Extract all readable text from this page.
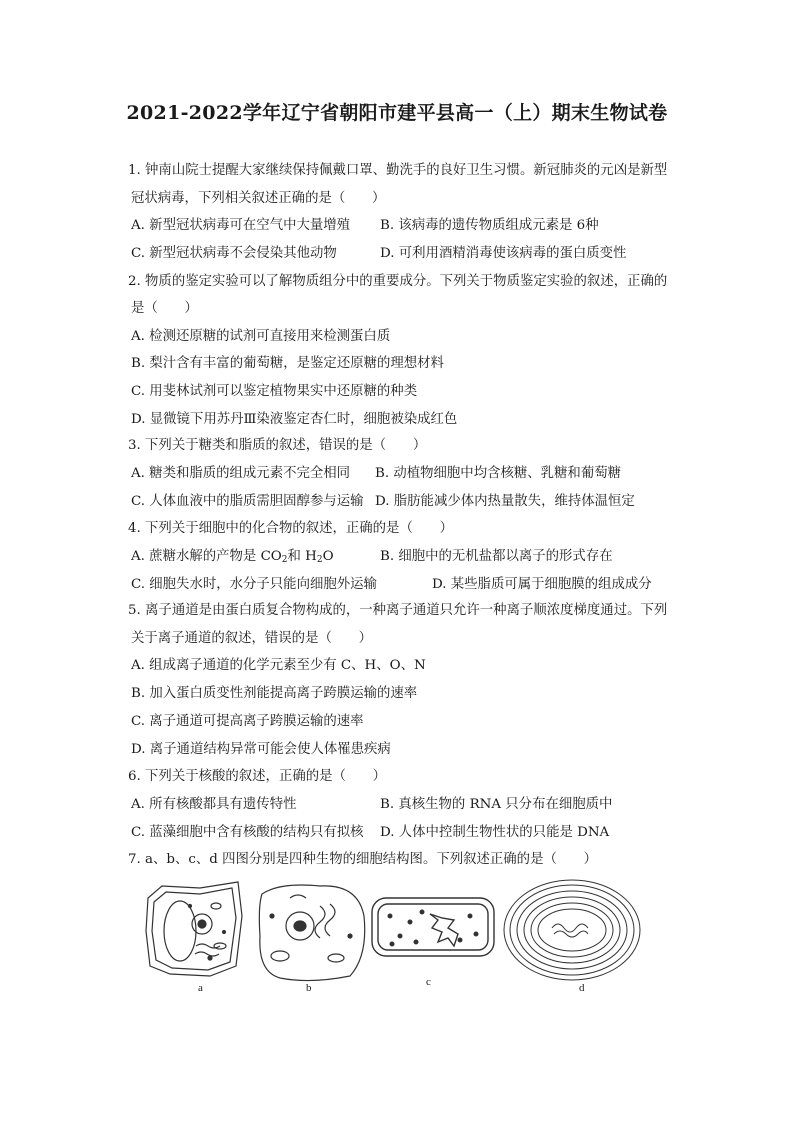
2021-2022学年辽宁省朝阳市建平县高一（上）期末生物试卷
1. 钟南山院士提醒大家继续保持佩戴口罩、勤洗手的良好卫生习惯。新冠肺炎的元凶是新型
冠状病毒，下列相关叙述正确的是（　　）
A. 新型冠状病毒可在空气中大量增殖 B. 该病毒的遗传物质组成元素是 6种
C. 新型冠状病毒不会侵染其他动物	D. 可利用酒精消毒使该病毒的蛋白质变性
2. 物质的鉴定实验可以了解物质组分中的重要成分。下列关于物质鉴定实验的叙述，正确的
是（　　）
A. 检测还原糖的试剂可直接用来检测蛋白质
B. 梨汁含有丰富的葡萄糖，是鉴定还原糖的理想材料
C. 用斐林试剂可以鉴定植物果实中还原糖的种类
D. 显微镜下用苏丹Ⅲ染液鉴定杏仁时，细胞被染成红色
3. 下列关于糖类和脂质的叙述，错误的是（　　）
A. 糖类和脂质的组成元素不完全相同 B. 动植物细胞中均含核糖、乳糖和葡萄糖
C. 人体血液中的脂质需胆固醇参与运输 D. 脂肪能减少体内热量散失，维持体温恒定
4. 下列关于细胞中的化合物的叙述，正确的是（　　）
A. 蔗糖水解的产物是 $CO_2$和 $H_2O$	B. 细胞中的无机盐都以离子的形式存在
C. 细胞失水时，水分子只能向细胞外运输	D. 某些脂质可属于细胞膜的组成成分
5. 离子通道是由蛋白质复合物构成的，一种离子通道只允许一种离子顺浓度梯度通过。下列
关于离子通道的叙述，错误的是（　　）
A. 组成离子通道的化学元素至少有 C、H、O、N
B. 加入蛋白质变性剂能提高离子跨膜运输的速率
C. 离子通道可提高离子跨膜运输的速率
D. 离子通道结构异常可能会使人体罹患疾病
6. 下列关于核酸的叙述，正确的是（　　）
A. 所有核酸都具有遗传特性	B. 真核生物的 RNA 只分布在细胞质中
C. 蓝藻细胞中含有核酸的结构只有拟核 D. 人体中控制生物性状的只能是 DNA
7. a、b、c、d 四图分别是四种生物的细胞结构图。下列叙述正确的是（　　）
a	b	c	d
